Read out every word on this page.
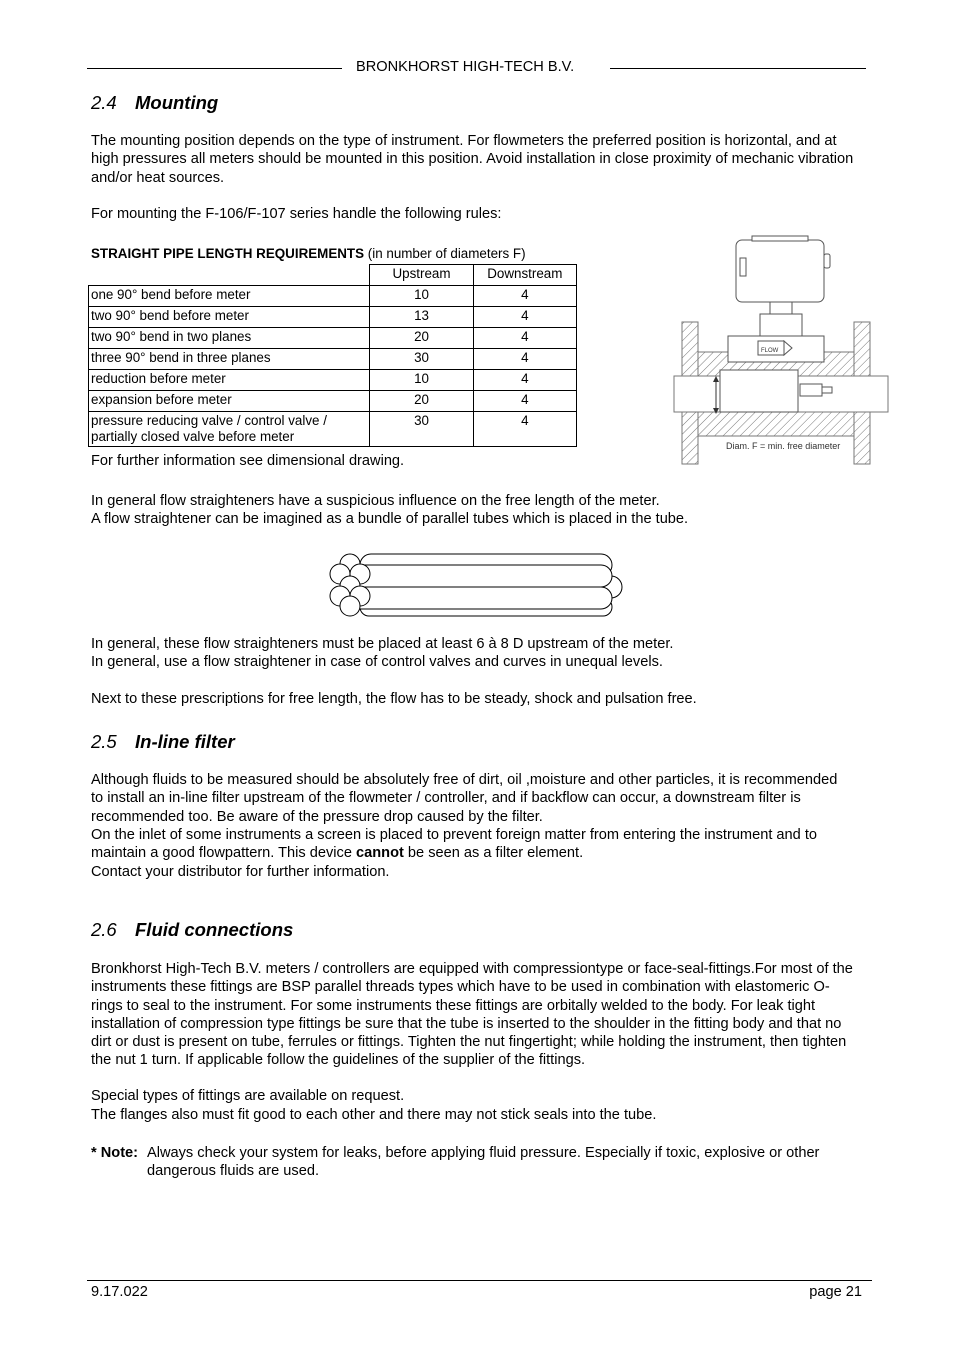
BRONKHORST HIGH-TECH B.V.
2.4 Mounting

The mounting position depends on the type of instrument. For flowmeters the preferred position is horizontal, and at high pressures all meters should be mounted in this position. Avoid installation in close proximity of mechanic vibration and/or heat sources.

For mounting the F-106/F-107 series handle the following rules:

STRAIGHT PIPE LENGTH REQUIREMENTS (in number of diameters F)
	Upstream	Downstream
one 90° bend before meter	10	4
two 90° bend before meter	13	4
two 90° bend in two planes	20	4
three 90° bend in three planes	30	4
reduction before meter	10	4
expansion before meter	20	4
pressure reducing valve / control valve / partially closed valve before meter	30	4

For further information see dimensional drawing.

FLOW
Diam. F = min. free diameter

In general flow straighteners have a suspicious influence on the free length of the meter.

A flow straightener can be imagined as a bundle of parallel tubes which is placed in the tube.

In general, these flow straighteners must be placed at least 6 à 8 D upstream of the meter.

In general, use a flow straightener in case of control valves and curves in unequal levels.

Next to these prescriptions for free length, the flow has to be steady, shock and pulsation free.

2.5 In-line filter

Although fluids to be measured should be absolutely free of dirt, oil ,moisture and other particles, it is recommended to install an in-line filter upstream of the flowmeter / controller, and if backflow can occur, a downstream filter is recommended too. Be aware of the pressure drop caused by the filter.

On the inlet of some instruments a screen is placed to prevent foreign matter from entering the instrument and to maintain a good flowpattern. This device cannot be seen as a filter element.

Contact your distributor for further information.

2.6 Fluid connections

Bronkhorst High-Tech B.V. meters / controllers are equipped with compressiontype or face-seal-fittings.For most of the instruments these fittings are BSP parallel threads types which have to be used in combination with elastomeric O-rings to seal to the instrument. For some instruments these fittings are orbitally welded to the body. For leak tight installation of compression type fittings be sure that the tube is inserted to the shoulder in the fitting body and that no dirt or dust is present on tube, ferrules or fittings. Tighten the nut fingertight; while holding the instrument, then tighten the nut 1 turn. If applicable follow the guidelines of the supplier of the fittings.

Special types of fittings are available on request.

The flanges also must fit good to each other and there may not stick seals into the tube.

* Note: Always check your system for leaks, before applying fluid pressure. Especially if toxic, explosive or other dangerous fluids are used.
9.17.022	page 21
